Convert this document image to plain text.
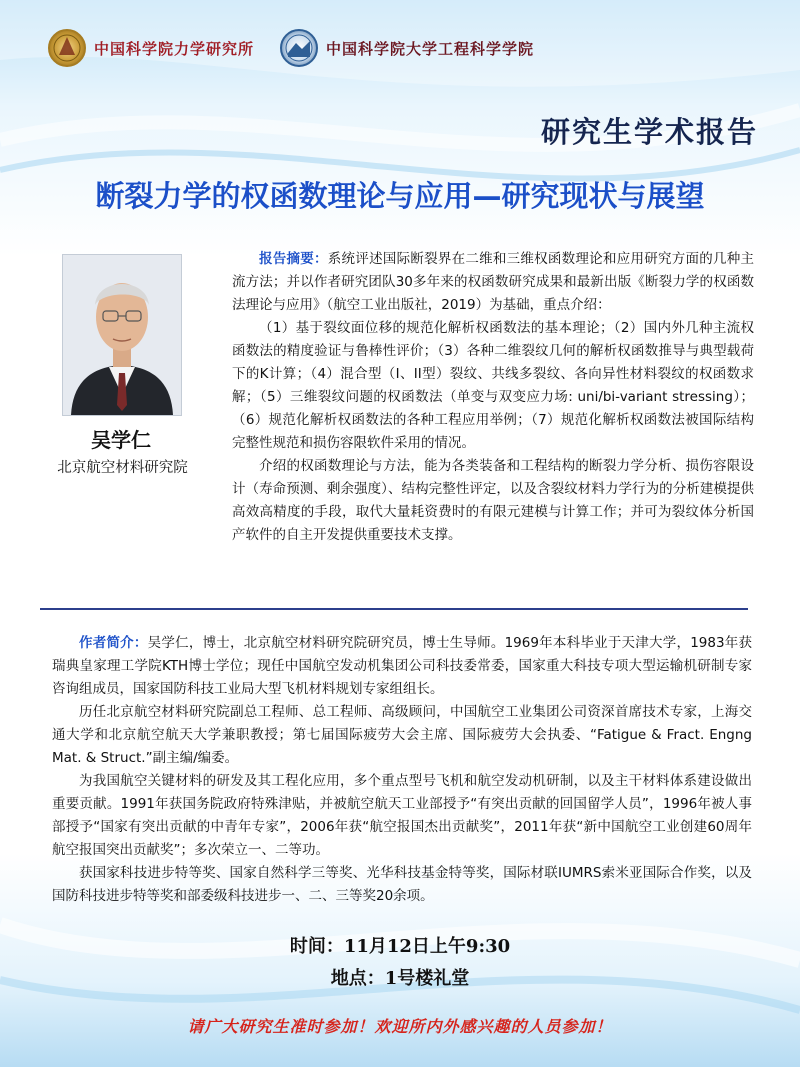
中国科学院力学研究所	中国科学院大学工程科学学院
研究生学术报告
断裂力学的权函数理论与应用—研究现状与展望
吴学仁
北京航空材料研究院

报告摘要：系统评述国际断裂界在二维和三维权函数理论和应用研究方面的几种主流方法；并以作者研究团队30多年来的权函数研究成果和最新出版《断裂力学的权函数法理论与应用》（航空工业出版社，2019）为基础，重点介绍：

（1）基于裂纹面位移的规范化解析权函数法的基本理论；（2）国内外几种主流权函数法的精度验证与鲁棒性评价；（3）各种二维裂纹几何的解析权函数推导与典型载荷下的K计算；（4）混合型（I、II型）裂纹、共线多裂纹、各向异性材料裂纹的权函数求解；（5）三维裂纹问题的权函数法（单变与双变应力场: uni/bi-variant stressing）；（6）规范化解析权函数法的各种工程应用举例；（7）规范化解析权函数法被国际结构完整性规范和损伤容限软件采用的情况。

介绍的权函数理论与方法，能为各类装备和工程结构的断裂力学分析、损伤容限设计（寿命预测、剩余强度）、结构完整性评定，以及含裂纹材料力学行为的分析建模提供高效高精度的手段，取代大量耗资费时的有限元建模与计算工作；并可为裂纹体分析国产软件的自主开发提供重要技术支撑。

作者简介：吴学仁，博士，北京航空材料研究院研究员，博士生导师。1969年本科毕业于天津大学，1983年获瑞典皇家理工学院KTH博士学位；现任中国航空发动机集团公司科技委常委，国家重大科技专项大型运输机研制专家咨询组成员，国家国防科技工业局大型飞机材料规划专家组组长。

历任北京航空材料研究院副总工程师、总工程师、高级顾问，中国航空工业集团公司资深首席技术专家，上海交通大学和北京航空航天大学兼职教授；第七届国际疲劳大会主席、国际疲劳大会执委、“Fatigue & Fract. Engng Mat. & Struct.”副主编/编委。

为我国航空关键材料的研发及其工程化应用，多个重点型号飞机和航空发动机研制，以及主干材料体系建设做出重要贡献。1991年获国务院政府特殊津贴，并被航空航天工业部授予“有突出贡献的回国留学人员”，1996年被人事部授予“国家有突出贡献的中青年专家”，2006年获“航空报国杰出贡献奖”，2011年获“新中国航空工业创建60周年航空报国突出贡献奖”；多次荣立一、二等功。

获国家科技进步特等奖、国家自然科学三等奖、光华科技基金特等奖，国际材联IUMRS索米亚国际合作奖，以及国防科技进步特等奖和部委级科技进步一、二、三等奖20余项。

时间：11月12日上午9:30
地点：1号楼礼堂
请广大研究生准时参加！欢迎所内外感兴趣的人员参加！
